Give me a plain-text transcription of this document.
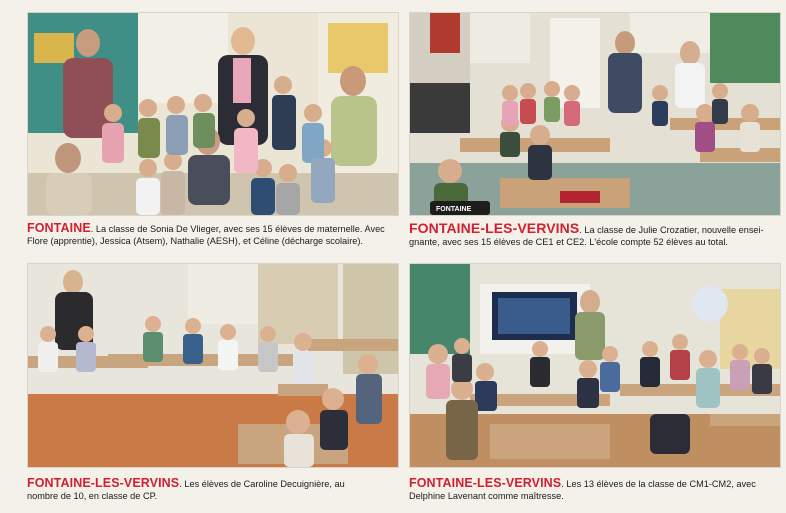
FONTAINE. La classe de Sonia De Vlieger, avec ses 15 élèves de maternelle. Avec
Flore (apprentie), Jessica (Atsem), Nathalie (AESH), et Céline (décharge scolaire).
FONTAINE
FONTAINE-LES-VERVINS. La classe de Julie Crozatier, nouvelle ensei-
gnante, avec ses 15 élèves de CE1 et CE2. L'école compte 52 élèves au total.
FONTAINE-LES-VERVINS. Les élèves de Caroline Decuignière, au
nombre de 10, en classe de CP.
FONTAINE-LES-VERVINS. Les 13 élèves de la classe de CM1-CM2, avec
Delphine Lavenant comme maîtresse.
